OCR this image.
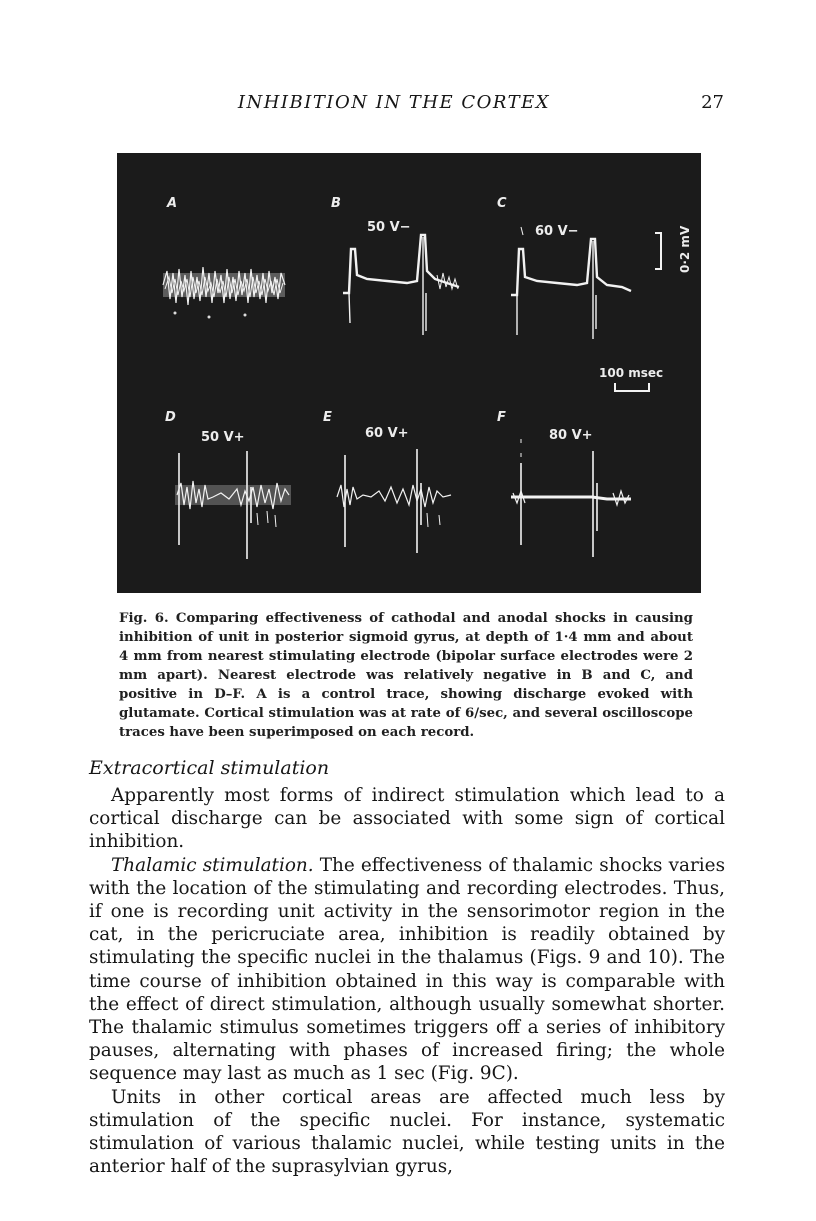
INHIBITION IN THE CORTEX	27
A	B	C
D	E	F
50 V−	60 V−
50 V+	60 V+	80 V+
0·2 mV
100 msec
Fig. 6. Comparing effectiveness of cathodal and anodal shocks in causing inhibition of unit in posterior sigmoid gyrus, at depth of 1·4 mm and about 4 mm from nearest stimulating electrode (bipolar surface electrodes were 2 mm apart). Nearest electrode was relatively negative in B and C, and positive in D–F. A is a control trace, showing discharge evoked with glutamate. Cortical stimulation was at rate of 6/sec, and several oscilloscope traces have been superimposed on each record.
Extracortical stimulation

Apparently most forms of indirect stimulation which lead to a cortical discharge can be associated with some sign of cortical inhibition.

Thalamic stimulation. The effectiveness of thalamic shocks varies with the location of the stimulating and recording electrodes. Thus, if one is recording unit activity in the sensorimotor region in the cat, in the pericruciate area, inhibition is readily obtained by stimulating the specific nuclei in the thalamus (Figs. 9 and 10). The time course of inhibition obtained in this way is comparable with the effect of direct stimulation, although usually somewhat shorter. The thalamic stimulus sometimes triggers off a series of inhibitory pauses, alternating with phases of increased firing; the whole sequence may last as much as 1 sec (Fig. 9C).

Units in other cortical areas are affected much less by stimulation of the specific nuclei. For instance, systematic stimulation of various thalamic nuclei, while testing units in the anterior half of the suprasylvian gyrus,
